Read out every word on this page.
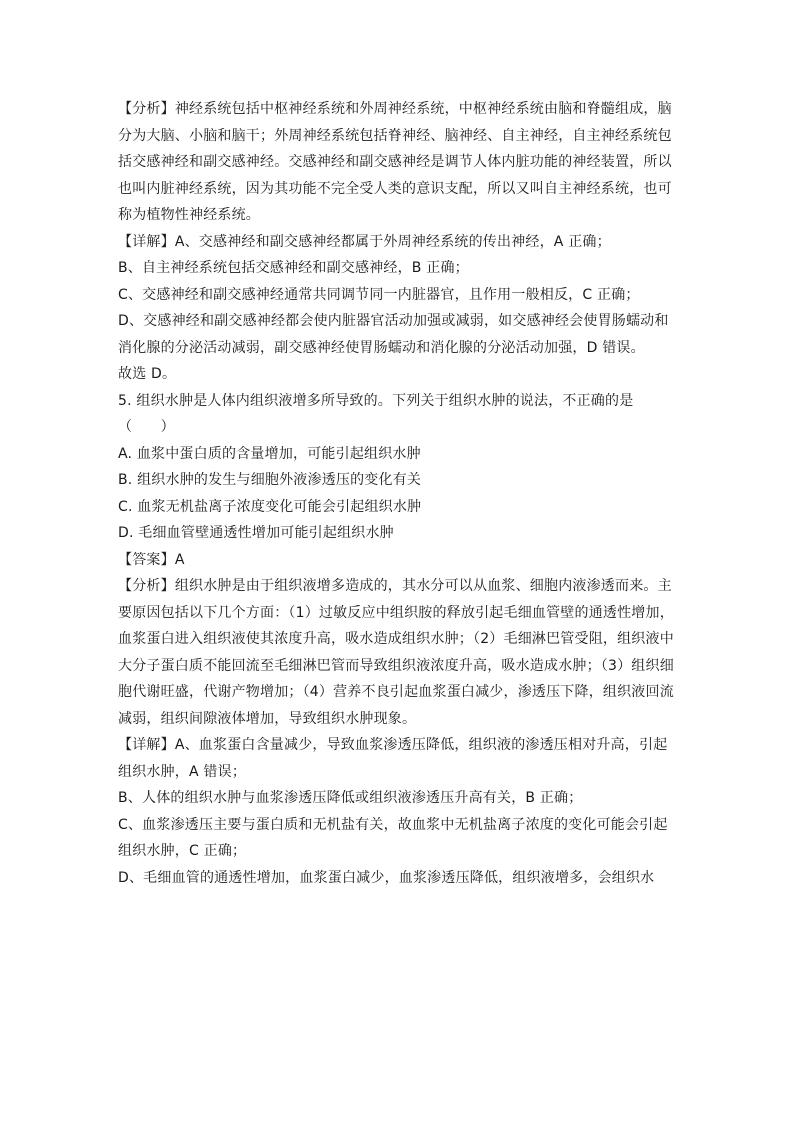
【分析】神经系统包括中枢神经系统和外周神经系统，中枢神经系统由脑和脊髓组成，脑
分为大脑、小脑和脑干；外周神经系统包括脊神经、脑神经、自主神经，自主神经系统包
括交感神经和副交感神经。交感神经和副交感神经是调节人体内脏功能的神经装置，所以
也叫内脏神经系统，因为其功能不完全受人类的意识支配，所以又叫自主神经系统，也可
称为植物性神经系统。

【详解】A、交感神经和副交感神经都属于外周神经系统的传出神经，A 正确；
B、自主神经系统包括交感神经和副交感神经，B 正确；
C、交感神经和副交感神经通常共同调节同一内脏器官，且作用一般相反，C 正确；
D、交感神经和副交感神经都会使内脏器官活动加强或减弱，如交感神经会使胃肠蠕动和
消化腺的分泌活动减弱，副交感神经使胃肠蠕动和消化腺的分泌活动加强，D 错误。
故选 D。

5. 组织水肿是人体内组织液增多所导致的。下列关于组织水肿的说法，不正确的是
（　　）
A. 血浆中蛋白质的含量增加，可能引起组织水肿
B. 组织水肿的发生与细胞外液渗透压的变化有关
C. 血浆无机盐离子浓度变化可能会引起组织水肿
D. 毛细血管壁通透性增加可能引起组织水肿

【答案】A

【分析】组织水肿是由于组织液增多造成的，其水分可以从血浆、细胞内液渗透而来。主
要原因包括以下几个方面：（1）过敏反应中组织胺的释放引起毛细血管壁的通透性增加，
血浆蛋白进入组织液使其浓度升高，吸水造成组织水肿；（2）毛细淋巴管受阻，组织液中
大分子蛋白质不能回流至毛细淋巴管而导致组织液浓度升高，吸水造成水肿；（3）组织细
胞代谢旺盛，代谢产物增加；（4）营养不良引起血浆蛋白减少，渗透压下降，组织液回流
减弱，组织间隙液体增加，导致组织水肿现象。

【详解】A、血浆蛋白含量减少，导致血浆渗透压降低，组织液的渗透压相对升高，引起
组织水肿，A 错误；
B、人体的组织水肿与血浆渗透压降低或组织液渗透压升高有关，B 正确；
C、血浆渗透压主要与蛋白质和无机盐有关，故血浆中无机盐离子浓度的变化可能会引起
组织水肿，C 正确；
D、毛细血管的通透性增加，血浆蛋白减少，血浆渗透压降低，组织液增多，会组织水
